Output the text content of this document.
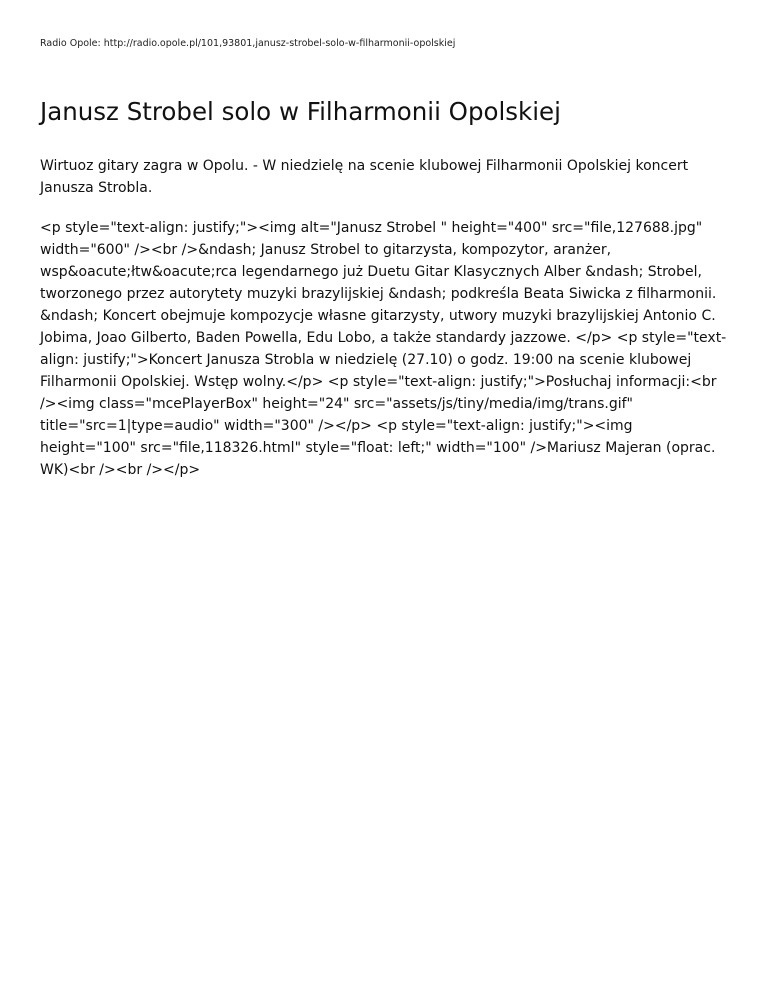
Radio Opole: http://radio.opole.pl/101,93801,janusz-strobel-solo-w-filharmonii-opolskiej

Janusz Strobel solo w Filharmonii Opolskiej

Wirtuoz gitary zagra w Opolu. - W niedzielę na scenie klubowej Filharmonii Opolskiej koncert Janusza Strobla.

<p style="text-align: justify;"><img alt="Janusz Strobel " height="400" src="file,127688.jpg" width="600" /><br />&ndash; Janusz Strobel to gitarzysta, kompozytor, aranżer, wsp&oacute;łtw&oacute;rca legendarnego już Duetu Gitar Klasycznych Alber &ndash; Strobel, tworzonego przez autorytety muzyki brazylijskiej &ndash; podkreśla Beata Siwicka z filharmonii. &ndash; Koncert obejmuje kompozycje własne gitarzysty, utwory muzyki brazylijskiej Antonio C. Jobima, Joao Gilberto, Baden Powella, Edu Lobo, a także standardy jazzowe. </p> <p style="text-align: justify;">Koncert Janusza Strobla w niedzielę (27.10) o godz. 19:00 na scenie klubowej Filharmonii Opolskiej. Wstęp wolny.</p> <p style="text-align: justify;">Posłuchaj informacji:<br /><img class="mcePlayerBox" height="24" src="assets/js/tiny/media/img/trans.gif" title="src=1|type=audio" width="300" /></p> <p style="text-align: justify;"><img height="100" src="file,118326.html" style="float: left;" width="100" />Mariusz Majeran (oprac. WK)<br /><br /></p>
